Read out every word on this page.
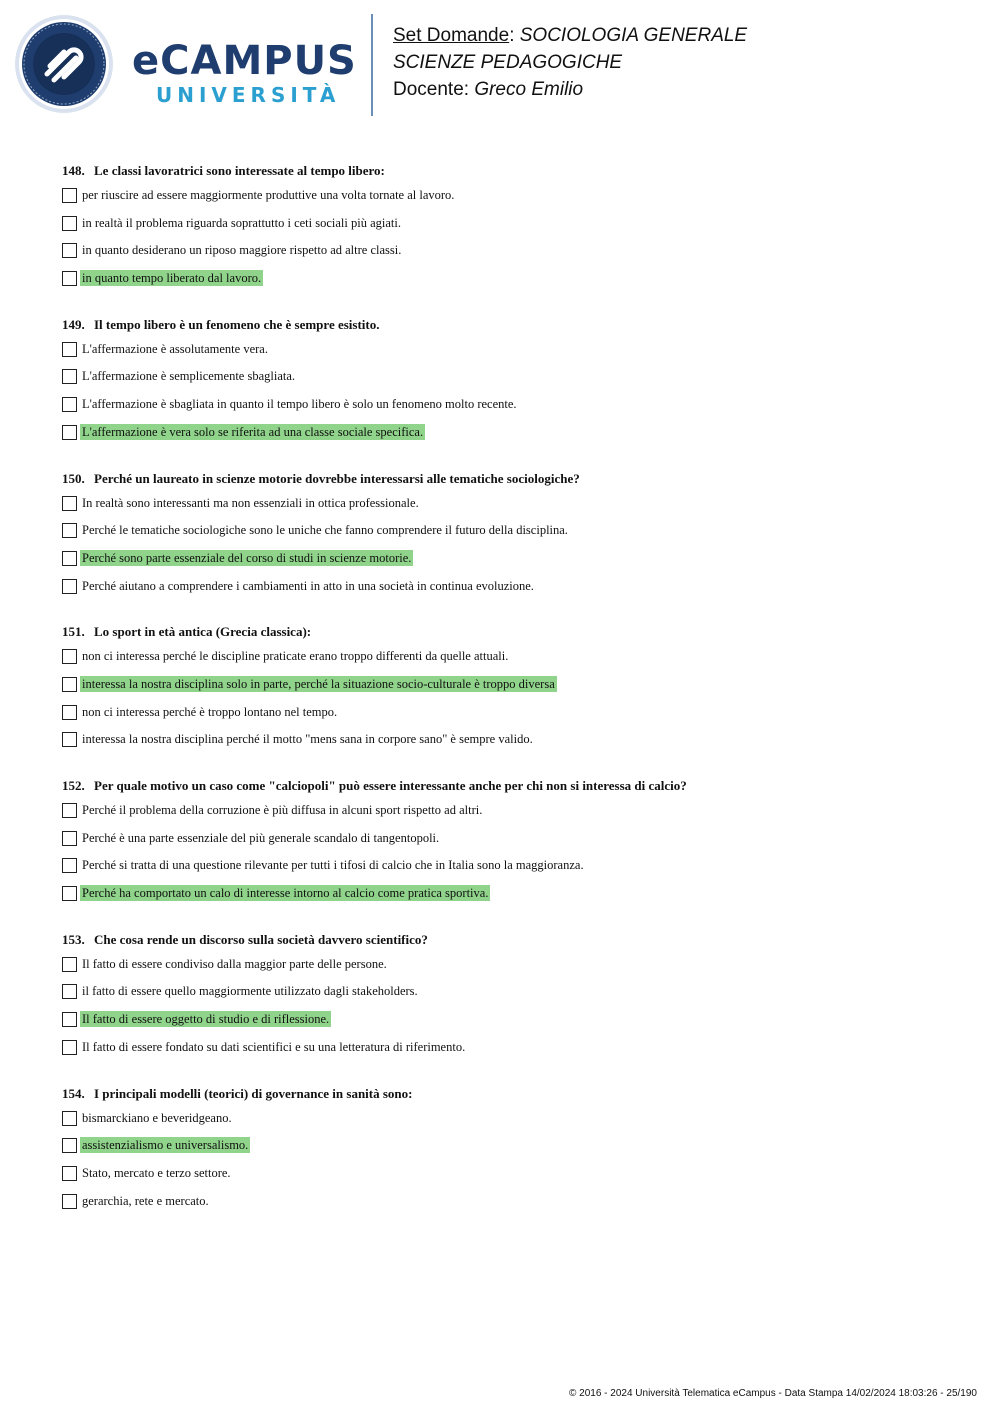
eCAMPUS
UNIVERSITÀ
Set Domande: SOCIOLOGIA GENERALE
SCIENZE PEDAGOGICHE
Docente: Greco Emilio
148. Le classi lavoratrici sono interessate al tempo libero:
per riuscire ad essere maggiormente produttive una volta tornate al lavoro.
in realtà il problema riguarda soprattutto i ceti sociali più agiati.
in quanto desiderano un riposo maggiore rispetto ad altre classi.
in quanto tempo liberato dal lavoro.
149. Il tempo libero è un fenomeno che è sempre esistito.
L'affermazione è assolutamente vera.
L'affermazione è semplicemente sbagliata.
L'affermazione è sbagliata in quanto il tempo libero è solo un fenomeno molto recente.
L'affermazione è vera solo se riferita ad una classe sociale specifica.
150. Perché un laureato in scienze motorie dovrebbe interessarsi alle tematiche sociologiche?
In realtà sono interessanti ma non essenziali in ottica professionale.
Perché le tematiche sociologiche sono le uniche che fanno comprendere il futuro della disciplina.
Perché sono parte essenziale del corso di studi in scienze motorie.
Perché aiutano a comprendere i cambiamenti in atto in una società in continua evoluzione.
151. Lo sport in età antica (Grecia classica):
non ci interessa perché le discipline praticate erano troppo differenti da quelle attuali.
interessa la nostra disciplina solo in parte, perché la situazione socio-culturale è troppo diversa
non ci interessa perché è troppo lontano nel tempo.
interessa la nostra disciplina perché il motto "mens sana in corpore sano" è sempre valido.
152. Per quale motivo un caso come "calciopoli" può essere interessante anche per chi non si interessa di calcio?
Perché il problema della corruzione è più diffusa in alcuni sport rispetto ad altri.
Perché è una parte essenziale del più generale scandalo di tangentopoli.
Perché si tratta di una questione rilevante per tutti i tifosi di calcio che in Italia sono la maggioranza.
Perché ha comportato un calo di interesse intorno al calcio come pratica sportiva.
153. Che cosa rende un discorso sulla società davvero scientifico?
Il fatto di essere condiviso dalla maggior parte delle persone.
il fatto di essere quello maggiormente utilizzato dagli stakeholders.
Il fatto di essere oggetto di studio e di riflessione.
Il fatto di essere fondato su dati scientifici e su una letteratura di riferimento.
154. I principali modelli (teorici) di governance in sanità sono:
bismarckiano e beveridgeano.
assistenzialismo e universalismo.
Stato, mercato e terzo settore.
gerarchia, rete e mercato.
© 2016 - 2024 Università Telematica eCampus - Data Stampa 14/02/2024 18:03:26 - 25/190
